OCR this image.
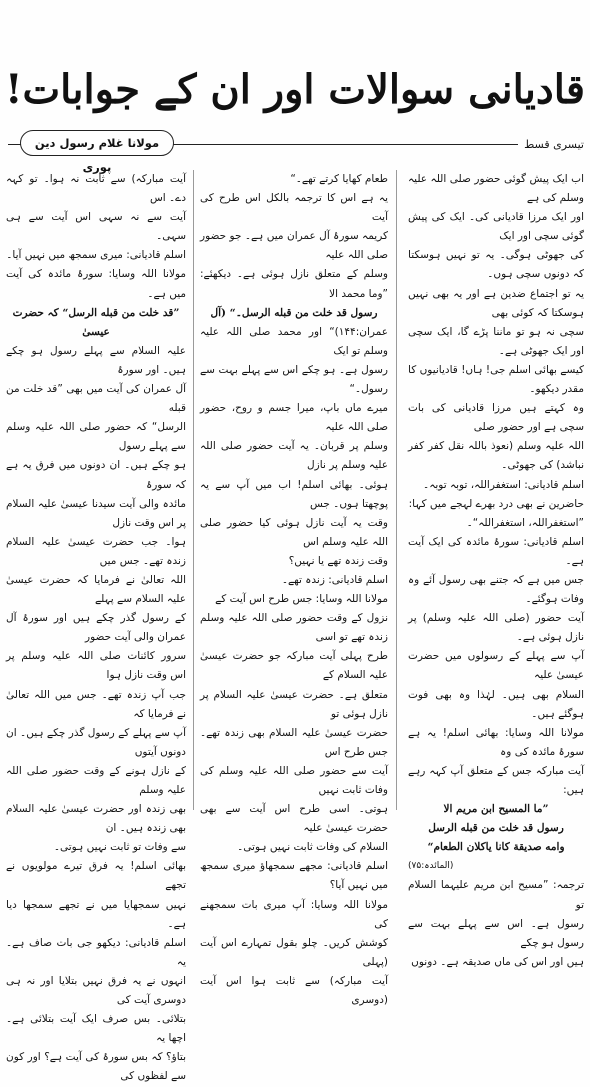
قادیانی سوالات اور ان کے جوابات!
مولانا غلام رسول دین پوری
تیسری قسط

اب ایک پیش گوئی حضور صلی اللہ علیہ وسلم کی ہے

اور ایک مرزا قادیانی کی۔ ایک کی پیش گوئی سچی اور ایک

کی جھوٹی ہوگی۔ یہ تو نہیں ہوسکتا کہ دونوں سچی ہوں۔

یہ تو اجتماع ضدین ہے اور یہ بھی نہیں ہوسکتا کہ کوئی بھی

سچی نہ ہو تو ماننا پڑے گا، ایک سچی اور ایک جھوٹی ہے۔

کیسے بھائی اسلم جی! ہاں! قادیانیوں کا مقدر دیکھو۔

وہ کہتے ہیں مرزا قادیانی کی بات سچی ہے اور حضور صلی

اللہ علیہ وسلم (نعوذ باللہ نقل کفر کفر نباشد) کی جھوٹی۔

اسلم قادیانی: استغفراللہ، توبہ توبہ۔

حاضرین نے بھی درد بھرے لہجے میں کہا:

”استغفراللہ، استغفراللہ“۔

اسلم قادیانی: سورۂ مائدہ کی ایک آیت ہے۔

جس میں ہے کہ جتنے بھی رسول آئے وہ وفات ہوگئے۔

آیت حضور (صلی اللہ علیہ وسلم) پر نازل ہوئی ہے۔

آپ سے پہلے کے رسولوں میں حضرت عیسیٰ علیہ

السلام بھی ہیں۔ لہٰذا وہ بھی فوت ہوگئے ہیں۔

مولانا اللہ وسایا: بھائی اسلم! یہ ہے سورۂ مائدہ کی وہ

آیت مبارکہ جس کے متعلق آپ کہہ رہے ہیں:

”ما المسیح ابن مریم الا

رسول قد خلت من قبله الرسل

وامه صدیقة کانا یاکلان الطعام“

(المائدہ:۷۵)

ترجمہ: ”مسیح ابن مریم علیہما السلام تو

رسول ہے۔ اس سے پہلے بہت سے رسول ہو چکے

ہیں اور اس کی ماں صدیقہ ہے۔ دونوں

طعام کھایا کرتے تھے۔“

یہ ہے اس کا ترجمہ بالکل اس طرح کی آیت

کریمہ سورۂ آل عمران میں ہے۔ جو حضور صلی اللہ علیہ

وسلم کے متعلق نازل ہوئی ہے۔ دیکھئے: ”وما محمد الا

رسول قد خلت من قبله الرسل۔“ (آل

عمران:۱۴۴)“ اور محمد صلی اللہ علیہ وسلم تو ایک

رسول ہے۔ ہو چکے اس سے پہلے بہت سے رسول۔“

میرے ماں باپ، میرا جسم و روح، حضور صلی اللہ علیہ

وسلم پر قربان۔ یہ آیت حضور صلی اللہ علیہ وسلم پر نازل

ہوئی۔ بھائی اسلم! اب میں آپ سے یہ پوچھتا ہوں۔ جس

وقت یہ آیت نازل ہوئی کیا حضور صلی اللہ علیہ وسلم اس

وقت زندہ تھے یا نہیں؟

اسلم قادیانی: زندہ تھے۔

مولانا اللہ وسایا: جس طرح اس آیت کے

نزول کے وقت حضور صلی اللہ علیہ وسلم زندہ تھے تو اسی

طرح پہلی آیت مبارکہ جو حضرت عیسیٰ علیہ السلام کے

متعلق ہے۔ حضرت عیسیٰ علیہ السلام پر نازل ہوئی تو

حضرت عیسیٰ علیہ السلام بھی زندہ تھے۔ جس طرح اس

آیت سے حضور صلی اللہ علیہ وسلم کی وفات ثابت نہیں

ہوتی۔ اسی طرح اس آیت سے بھی حضرت عیسیٰ علیہ

السلام کی وفات ثابت نہیں ہوتی۔

اسلم قادیانی: مجھے سمجھاؤ میری سمجھ میں نہیں آیا؟

مولانا اللہ وسایا: آپ میری بات سمجھنے کی

کوشش کریں۔ چلو بقول تمہارے اس آیت (پہلی

آیت مبارکہ) سے ثابت ہوا اس آیت (دوسری

آیت مبارکہ) سے ثابت نہ ہوا۔ تو کہہ دے۔ اس

آیت سے نہ سہی اس آیت سے ہی سہی۔

اسلم قادیانی: میری سمجھ میں نہیں آیا۔

مولانا اللہ وسایا: سورۂ مائدہ کی آیت میں ہے۔

”قد خلت من قبله الرسل“ کہ حضرت عیسیٰ

علیہ السلام سے پہلے رسول ہو چکے ہیں۔ اور سورۂ

آل عمران کی آیت میں بھی ”قد خلت من قبله

الرسل“ کہ حضور صلی اللہ علیہ وسلم سے پہلے رسول

ہو چکے ہیں۔ ان دونوں میں فرق یہ ہے کہ سورۂ

مائدہ والی آیت سیدنا عیسیٰ علیہ السلام پر اس وقت نازل

ہوا۔ جب حضرت عیسیٰ علیہ السلام زندہ تھے۔ جس میں

اللہ تعالیٰ نے فرمایا کہ حضرت عیسیٰ علیہ السلام سے پہلے

کے رسول گذر چکے ہیں اور سورۂ آل عمران والی آیت حضور

سرور کائنات صلی اللہ علیہ وسلم پر اس وقت نازل ہوا

جب آپ زندہ تھے۔ جس میں اللہ تعالیٰ نے فرمایا کہ

آپ سے پہلے کے رسول گذر چکے ہیں۔ ان دونوں آیتوں

کے نازل ہونے کے وقت حضور صلی اللہ علیہ وسلم

بھی زندہ اور حضرت عیسیٰ علیہ السلام بھی زندہ ہیں۔ ان

سے وفات تو ثابت نہیں ہوتی۔

بھائی اسلم! یہ فرق تیرے مولویوں نے تجھے

نہیں سمجھایا میں نے تجھے سمجھا دیا ہے۔

اسلم قادیانی: دیکھو جی بات صاف ہے۔ یہ

انہوں نے یہ فرق نہیں بتلایا اور نہ ہی دوسری آیت کی

بتلائی۔ بس صرف ایک آیت بتلائی ہے۔ اچھا یہ

بتاؤ؟ کہ بس سورۂ کی آیت ہے؟ اور کون سے لفظوں کی
